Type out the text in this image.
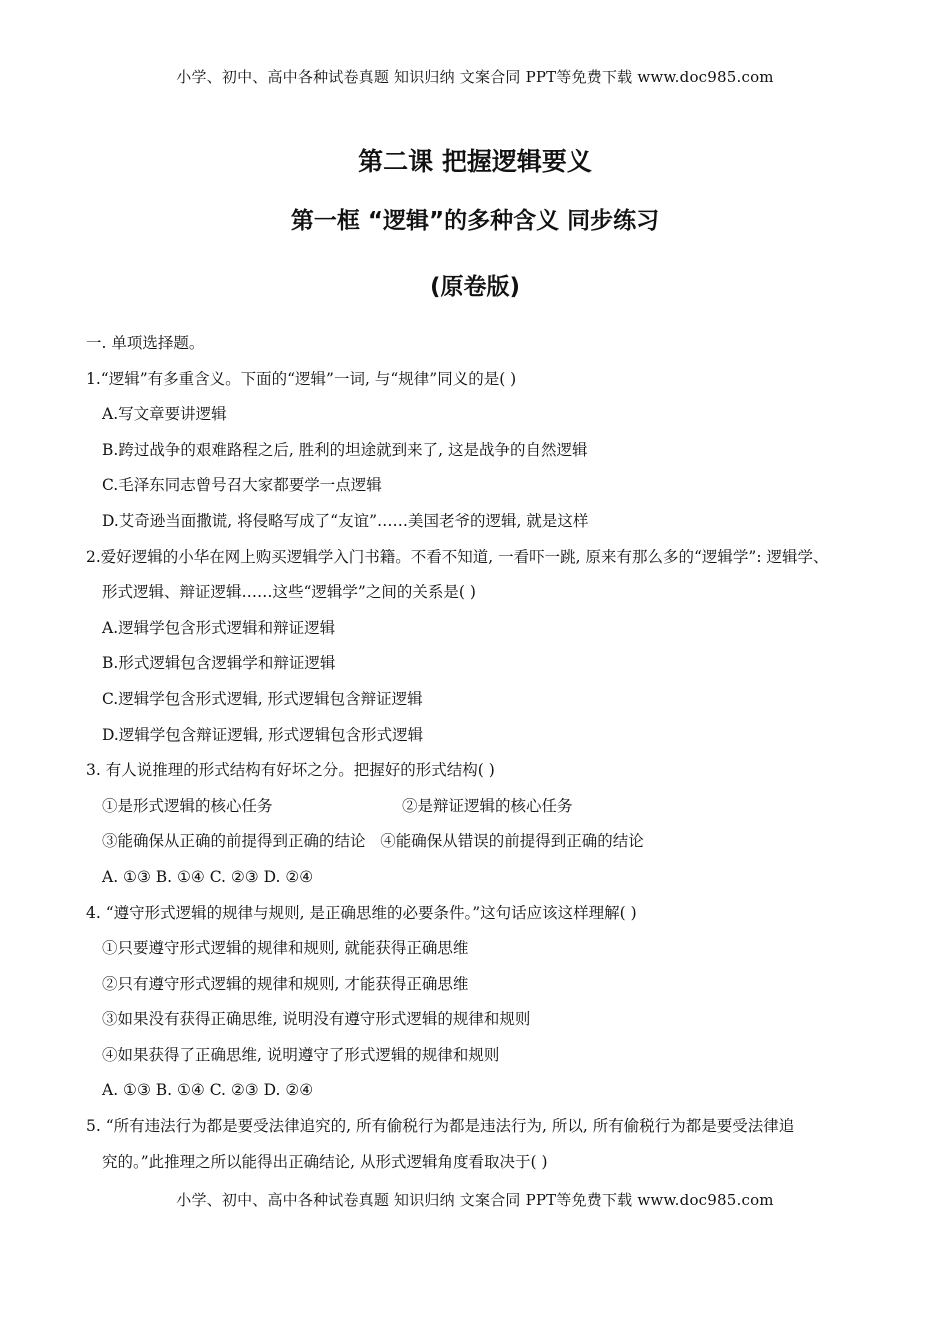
小学、初中、高中各种试卷真题 知识归纳 文案合同 PPT等免费下载 www.doc985.com
第二课 把握逻辑要义
第一框 “逻辑”的多种含义 同步练习
(原卷版)
一. 单项选择题。
1.“逻辑”有多重含义。下面的“逻辑”一词, 与“规律”同义的是( )
A.写文章要讲逻辑
B.跨过战争的艰难路程之后, 胜利的坦途就到来了, 这是战争的自然逻辑
C.毛泽东同志曾号召大家都要学一点逻辑
D.艾奇逊当面撒谎, 将侵略写成了“友谊”……美国老爷的逻辑, 就是这样
2.爱好逻辑的小华在网上购买逻辑学入门书籍。不看不知道, 一看吓一跳, 原来有那么多的“逻辑学”: 逻辑学、
形式逻辑、辩证逻辑……这些“逻辑学”之间的关系是( )
A.逻辑学包含形式逻辑和辩证逻辑
B.形式逻辑包含逻辑学和辩证逻辑
C.逻辑学包含形式逻辑, 形式逻辑包含辩证逻辑
D.逻辑学包含辩证逻辑, 形式逻辑包含形式逻辑
3. 有人说推理的形式结构有好坏之分。把握好的形式结构( )
①是形式逻辑的核心任务	②是辩证逻辑的核心任务
③能确保从正确的前提得到正确的结论 ④能确保从错误的前提得到正确的结论
A. ①③ B. ①④ C. ②③ D. ②④
4. “遵守形式逻辑的规律与规则, 是正确思维的必要条件。”这句话应该这样理解( )
①只要遵守形式逻辑的规律和规则, 就能获得正确思维
②只有遵守形式逻辑的规律和规则, 才能获得正确思维
③如果没有获得正确思维, 说明没有遵守形式逻辑的规律和规则
④如果获得了正确思维, 说明遵守了形式逻辑的规律和规则
A. ①③ B. ①④ C. ②③ D. ②④
5. “所有违法行为都是要受法律追究的, 所有偷税行为都是违法行为, 所以, 所有偷税行为都是要受法律追
究的。”此推理之所以能得出正确结论, 从形式逻辑角度看取决于( )
小学、初中、高中各种试卷真题 知识归纳 文案合同 PPT等免费下载 www.doc985.com
